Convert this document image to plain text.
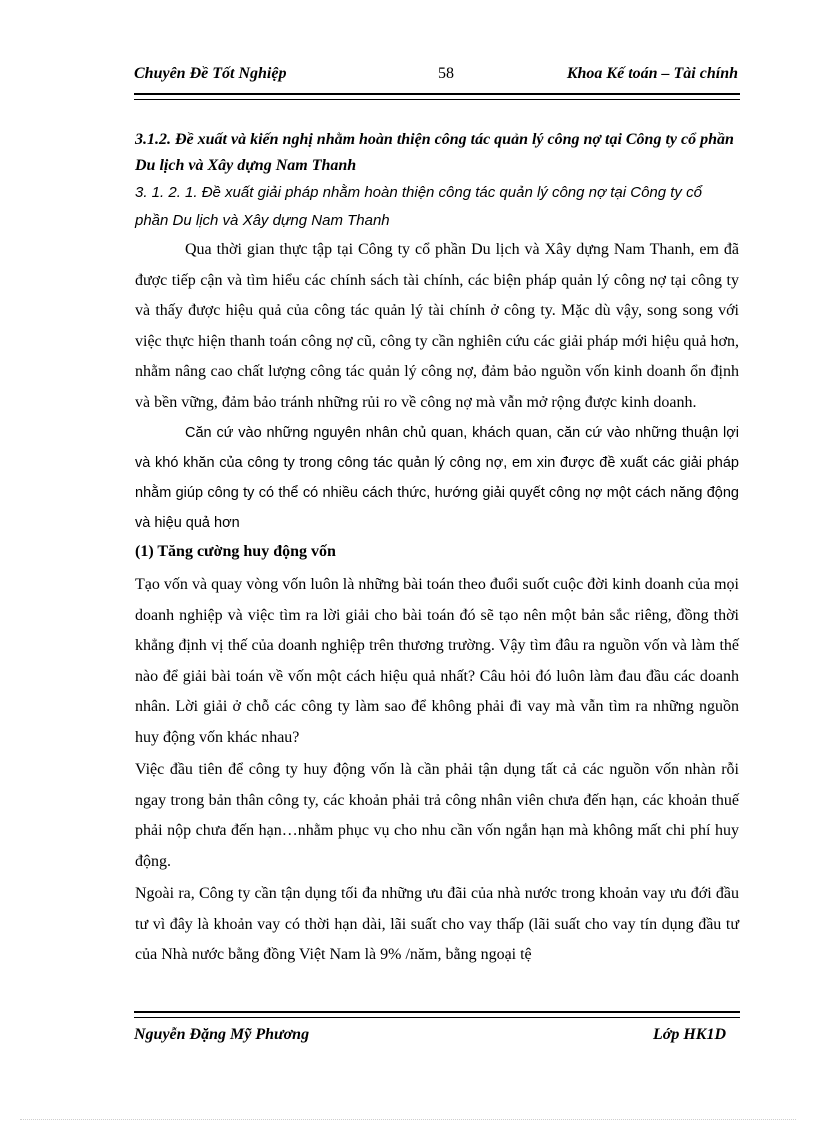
Chuyên Đề Tốt Nghiệp	58	Khoa Kế toán – Tài chính

3.1.2. Đề xuất và kiến nghị nhằm hoàn thiện công tác quản lý công nợ tại Công ty cổ phần Du lịch và Xây dựng Nam Thanh

3. 1. 2. 1. Đề xuất giải pháp nhằm hoàn thiện công tác quản lý công nợ tại Công ty cổ phần Du lịch và Xây dựng Nam Thanh

Qua thời gian thực tập tại Công ty cổ phần Du lịch và Xây dựng Nam Thanh, em đã được tiếp cận và tìm hiểu các chính sách tài chính, các biện pháp quản lý công nợ tại công ty và thấy được hiệu quả của công tác quản lý tài chính ở công ty. Mặc dù vậy, song song với việc thực hiện thanh toán công nợ cũ, công ty cần nghiên cứu các giải pháp mới hiệu quả hơn, nhằm nâng cao chất lượng công tác quản lý công nợ, đảm bảo nguồn vốn kinh doanh ổn định và bền vững, đảm bảo tránh những rủi ro về công nợ mà vẫn mở rộng được kinh doanh.

Căn cứ vào những nguyên nhân chủ quan, khách quan, căn cứ vào những thuận lợi và khó khăn của công ty trong công tác quản lý công nợ, em xin được đề xuất các giải pháp nhằm giúp công ty có thể có nhiều cách thức, hướng giải quyết công nợ một cách năng động và hiệu quả hơn

(1) Tăng cường huy động vốn

Tạo vốn và quay vòng vốn luôn là những bài toán theo đuổi suốt cuộc đời kinh doanh của mọi doanh nghiệp và việc tìm ra lời giải cho bài toán đó sẽ tạo nên một bản sắc riêng, đồng thời khẳng định vị thế của doanh nghiệp trên thương trường. Vậy tìm đâu ra nguồn vốn và làm thế nào để giải bài toán về vốn một cách hiệu quả nhất? Câu hỏi đó luôn làm đau đầu các doanh nhân. Lời giải ở chỗ các công ty làm sao để không phải đi vay mà vẫn tìm ra những nguồn huy động vốn khác nhau?

Việc đầu tiên để công ty huy động vốn là cần phải tận dụng tất cả các nguồn vốn nhàn rỗi ngay trong bản thân công ty, các khoản phải trả công nhân viên chưa đến hạn, các khoản thuế phải nộp chưa đến hạn…nhằm phục vụ cho nhu cần vốn ngắn hạn mà không mất chi phí huy động.

Ngoài ra, Công ty cần tận dụng tối đa những ưu đãi của nhà nước trong khoản vay ưu đới đầu tư vì đây là khoản vay có thời hạn dài, lãi suất cho vay thấp (lãi suất cho vay tín dụng đầu tư của Nhà nước bằng đồng Việt Nam là 9% /năm, bằng ngoại tệ

Nguyễn Đặng Mỹ Phương	Lớp HK1D
